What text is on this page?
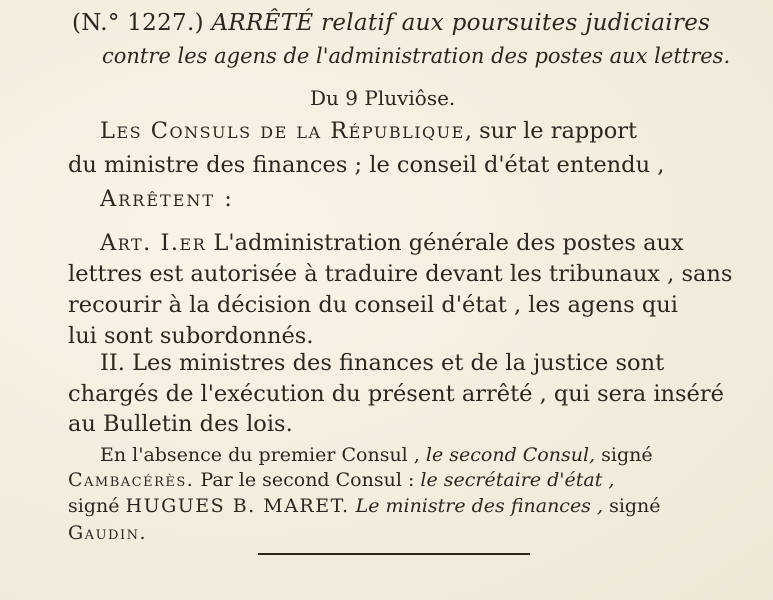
(N.° 1227.) ARRÊTÉ relatif aux poursuites judiciaires
contre les agens de l'administration des postes aux lettres.
Du 9 Pluviôse.
Les Consuls de la République, sur le rapport
du ministre des finances ; le conseil d'état entendu ,
Arrêtent :
Art. I.er L'administration générale des postes aux
lettres est autorisée à traduire devant les tribunaux , sans
recourir à la décision du conseil d'état , les agens qui
lui sont subordonnés.
II. Les ministres des finances et de la justice sont
chargés de l'exécution du présent arrêté , qui sera inséré
au Bulletin des lois.
En l'absence du premier Consul , le second Consul, signé
Cambacérès. Par le second Consul : le secrétaire d'état ,
signé HUGUES B. MARET. Le ministre des finances , signé
Gaudin.
